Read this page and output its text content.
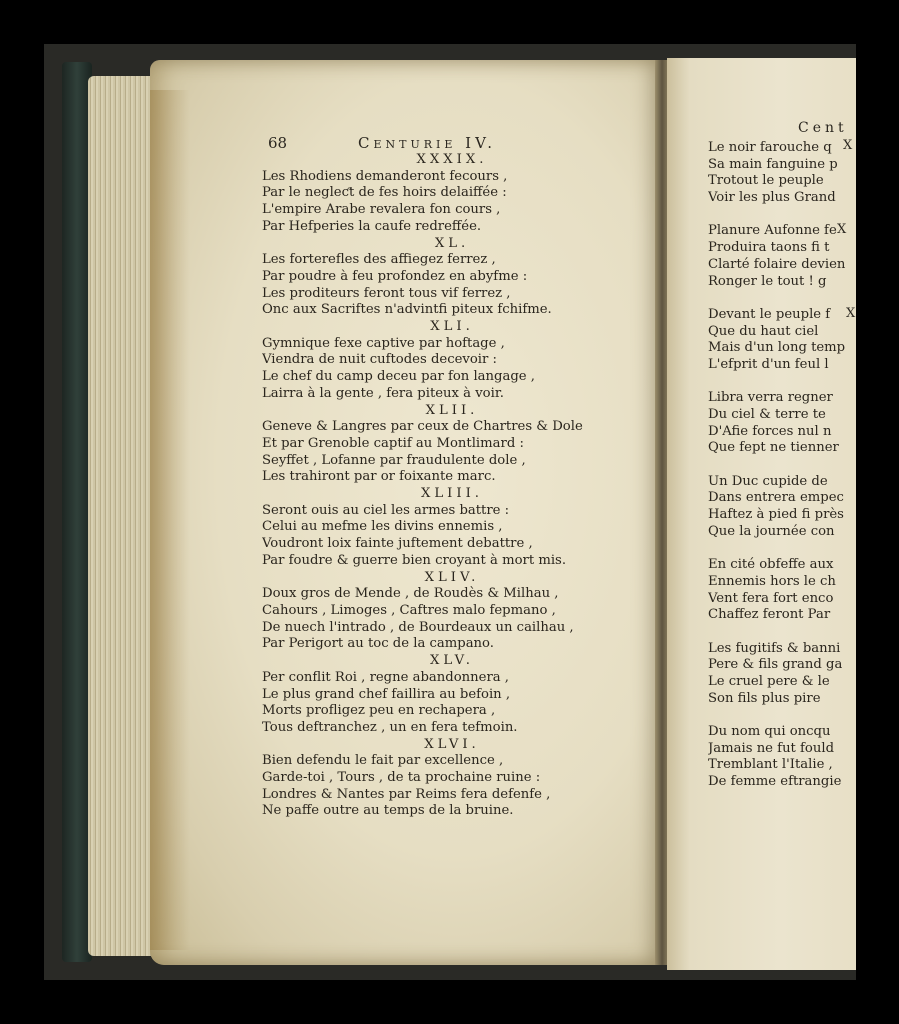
68	Centurie IV.
XXXIX.
Les Rhodiens demanderont fecours ,
Par le negleƈt de fes hoirs delaiffée :
L'empire Arabe revalera fon cours ,
Par Hefperies la caufe redreffée.
XL.
Les forterefles des affiegez ferrez ,
Par poudre à feu profondez en abyfme :
Les proditeurs feront tous vif ferrez ,
Onc aux Sacriftes n'advintfi piteux fchifme.
XLI.
Gymnique fexe captive par hoftage ,
Viendra de nuit cuftodes decevoir :
Le chef du camp deceu par fon langage ,
Lairra à la gente , fera piteux à voir.
XLII.
Geneve & Langres par ceux de Chartres & Dole
Et par Grenoble captif au Montlimard :
Seyffet , Lofanne par fraudulente dole ,
Les trahiront par or foixante marc.
XLIII.
Seront ouis au ciel les armes battre :
Celui au mefme les divins ennemis ,
Voudront loix fainte juftement debattre ,
Par foudre & guerre bien croyant à mort mis.
XLIV.
Doux gros de Mende , de Roudès & Milhau ,
Cahours , Limoges , Caftres malo fepmano ,
De nuech l'intrado , de Bourdeaux un cailhau ,
Par Perigort au toc de la campano.
XLV.
Per conflit Roi , regne abandonnera ,
Le plus grand chef faillira au befoin ,
Morts profligez peu en rechapera ,
Tous deftranchez , un en fera tefmoin.
XLVI.
Bien defendu le fait par excellence ,
Garde-toi , Tours , de ta prochaine ruine :
Londres & Nantes par Reims fera defenfe ,
Ne paffe outre au temps de la bruine.
Cent
X
X
X
Le noir farouche q
Sa main fanguine p
Trotout le peuple
Voir les plus Grand
Planure Aufonne fe
Produira taons fi t
Clarté folaire devien
Ronger le tout ! g
Devant le peuple f
Que du haut ciel
Mais d'un long temp
L'efprit d'un feul l
Libra verra regner
Du ciel & terre te
D'Afie forces nul n
Que fept ne tienner
Un Duc cupide de
Dans entrera empec
Haftez à pied fi près
Que la journée con
En cité obfeffe aux
Ennemis hors le ch
Vent fera fort enco
Chaffez feront Par
Les fugitifs & banni
Pere & fils grand ga
Le cruel pere & le
Son fils plus pire
Du nom qui oncqu
Jamais ne fut fould
Tremblant l'Italie ,
De femme eftrangie
